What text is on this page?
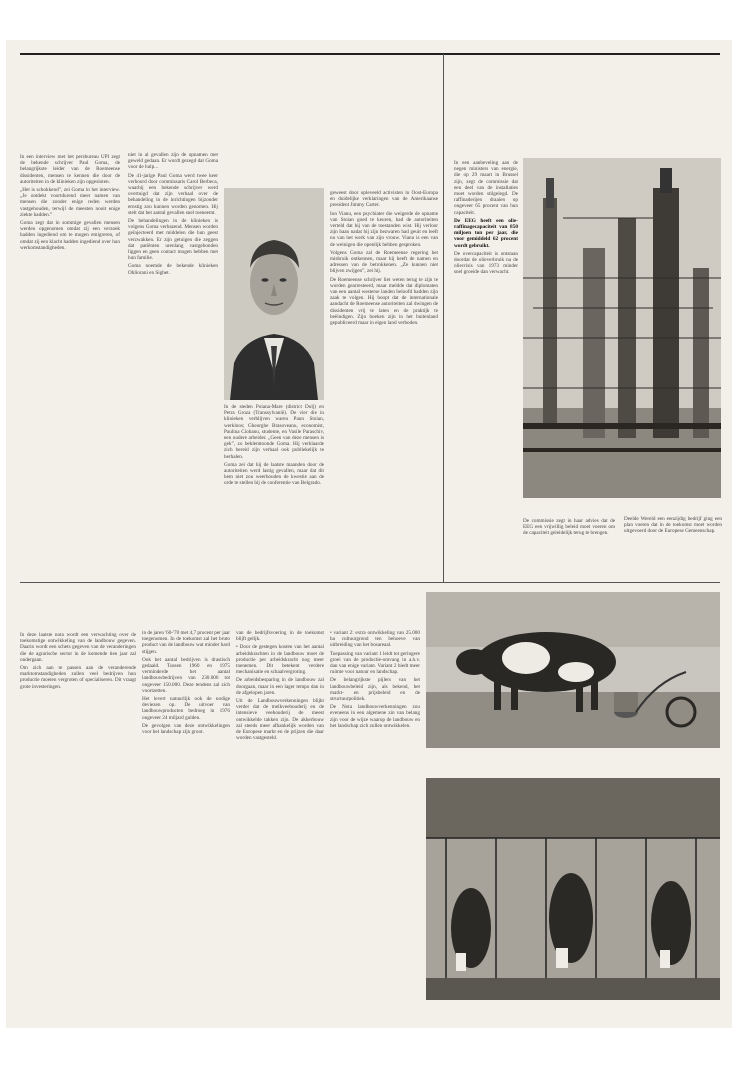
In een interview met het persbureau UPI zegt de bekende schrijver Paul Goma, de belangrijkste leider van de Roemeense dissidenten, mensen te kennen die door de autoriteiten in de klinieken zijn opgesloten.

„Het is schokkend”, zei Goma in het interview. „Je ontdekt voortdurend meer namen van mensen die zonder enige reden werden vastgehouden, terwijl de meesten nooit enige ziekte hadden.”

Goma zegt dat in sommige gevallen mensen werden opgenomen omdat zij een verzoek hadden ingediend om te mogen emigreren, of omdat zij een klacht hadden ingediend over hun werkomstandigheden.

niet in al gevallen zijn de opnamen met geweld gedaan. Er wordt gezegd dat Goma voor de hulp...

De 41-jarige Paul Goma werd twee keer verhoord door commissaris Carol Berbeca, waarbij een bekende schrijver werd overtuigd dat zijn verhaal over de behandeling in de inrichtingen bijzonder ernstig zou kunnen worden genomen. Hij stelt dat het aantal gevallen snel toeneemt.

De behandelingen in de klinieken is volgens Goma verbazend. Mensen worden geïnjecteerd met middelen die hun geest verzwakken. Er zijn getuigen die zeggen dat patiënten urenlang vastgebonden liggen en geen contact mogen hebben met hun familie.

Goma noemde de bekende klinieken Ohliorani en Sighet.

In de steden Poiana-Mare (district Dolj) en Petra Groza (Transsylvanië). De vier die in klinieken verblijven waren Paun Stoian, werkloos; Gheorghe Brasoveanu, economist, Paulina Ciobanu, studente, en Vasile Paraschiv, een oudere arbeider. „Geen van deze mensen is gek”, zo beklemtoonde Goma. Hij verklaarde zich bereid zijn verhaal ook publiekelijk te herhalen.

Goma zei dat hij de laatste maanden door de autoriteiten werd lastig gevallen, maar dat dit hem niet zou weerhouden de kwestie aan de orde te stellen bij de conferentie van Belgrado.

geweest door opleveeld activisten in Oost-Europa en duidelijke verklaringen van de Amerikaanse president Jimmy Carter.

Ion Vianu, een psychiater die weigerde de opname van Stoian goed te keuren, had de autoriteiten verteld dat hij van de toestanden wist. Hij verloor zijn baan nadat hij zijn bezwaren had geuit en leeft nu van het werk van zijn vrouw. Vianu is een van de weinigen die openlijk hebben gesproken.

Volgens Goma zal de Roemeense regering het misbruik ontkennen, maar hij heeft de namen en adressen van de betrokkenen. „Ze kunnen niet blijven zwijgen”, zei hij.

De Roemeense schrijver liet weten terug te zijn te worden gearresteerd, maar meldde dat diplomaten van een aantal westerse landen beloofd hadden zijn zaak te volgen. Hij hoopt dat de internationale aandacht de Roemeense autoriteiten zal dwingen de dissidenten vrij te laten en de praktijk te beëindigen. Zijn boeken zijn in het buitenland gepubliceerd maar in eigen land verboden.

In een aanbeveling aan de negen ministers van energie, die op 29 maart in Brussel zijn, zegt de commissie dat een deel van de installaties moet worden stilgelegd. De raffinaderijen draaien op ongeveer 65 procent van hun capaciteit.

De EEG heeft een olie-raffinagecapaciteit van 850 miljoen ton per jaar, die voor gemiddeld 62 procent wordt gebruikt.

De overcapaciteit is ontstaan doordat de olieverbruik na de oliecrisis van 1973 minder snel groeide dan verwacht.

De commissie zegt in haar advies dat de EEG een vrijwillig beleid moet voeren om de capaciteit geleidelijk terug te brengen.

Deelde Wereld een eenzijdig bedrijf ging een plan voeren dat in de toekomst moet worden uitgevoerd door de Europese Gemeenschap.

In deze laatste nota wordt een verwachting over de toekomstige ontwikkeling van de landbouw gegeven. Daarin wordt een schets gegeven van de veranderingen die de agrarische sector in de komende tien jaar zal ondergaan.

Om zich aan te passen aan de veranderende marktomstandigheden zullen veel bedrijven hun productie moeten vergroten of specialiseren. Dit vraagt grote investeringen.

in de jaren '60-'70 met 4,7 procent per jaar toegenomen. In de toekomst zal het bruto product van de landbouw wat minder hard stijgen.

Ook het aantal bedrijven is drastisch gedaald. Tussen 1960 en 1975 verminderde het aantal landbouwbedrijven van 230.000 tot ongeveer 150.000. Deze tendens zal zich voortzetten.

Het levert natuurlijk ook de nodige deviezen op. De uitvoer van landbouwproducten bedroeg in 1976 ongeveer 24 miljard gulden.

De gevolgen van deze ontwikkelingen voor het landschap zijn groot.

van de bedrijfsvoering in de toekomst blijft gelijk.

• Door de gestegen kosten van het aantal arbeidskrachten in de landbouw moet de productie per arbeidskracht nog meer toenemen. Dit betekent verdere mechanisatie en schaalvergroting.

De arbeidsbesparing in de landbouw zal doorgaan, maar in een lager tempo dan in de afgelopen jaren.

Uit de Landbouwverkenningen blijkt verder dat de melkveehouderij en de intensieve veehouderij de meest ontwikkelde takken zijn. De akkerbouw zal steeds meer afhankelijk worden van de Europese markt en de prijzen die daar worden vastgesteld.

• variant 2: extra ontwikkeling van 25.000 ha cultuurgrond ten behoeve van uitbreiding van het bosareaal.

Toepassing van variant 1 leidt tot geringere groei van de productie-omvang in a.h.v. dan van enige variant. Variant 2 biedt meer ruimte voor natuur en landschap.

De belangrijkste pijlers van het landbouwbeleid zijn, als bekend, het markt- en prijsbeleid en de structuurpolitiek.

De Nota landbouwverkenningen zou eveneens in een algemene zin van belang zijn voor de wijze waarop de landbouw en het landschap zich zullen ontwikkelen.
